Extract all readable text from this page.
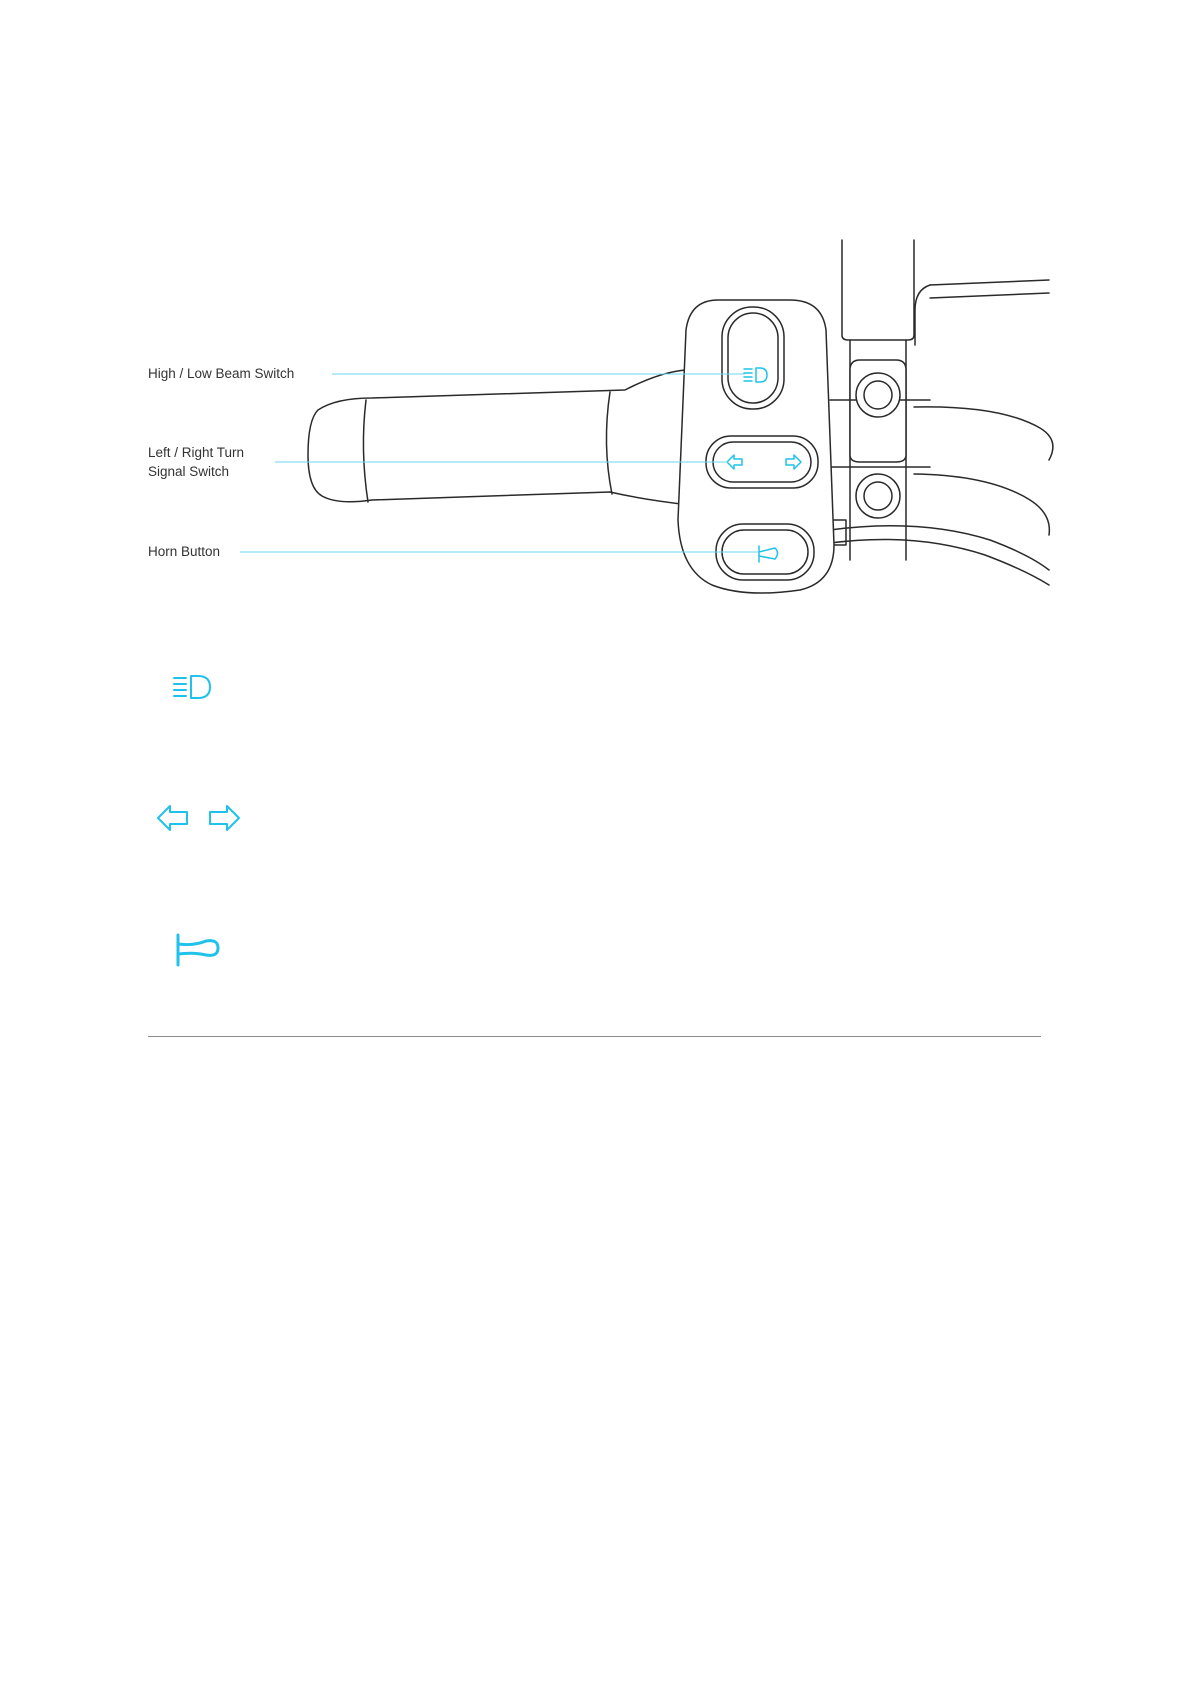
High / Low Beam Switch
Left / Right Turn
Signal Switch
Horn Button
